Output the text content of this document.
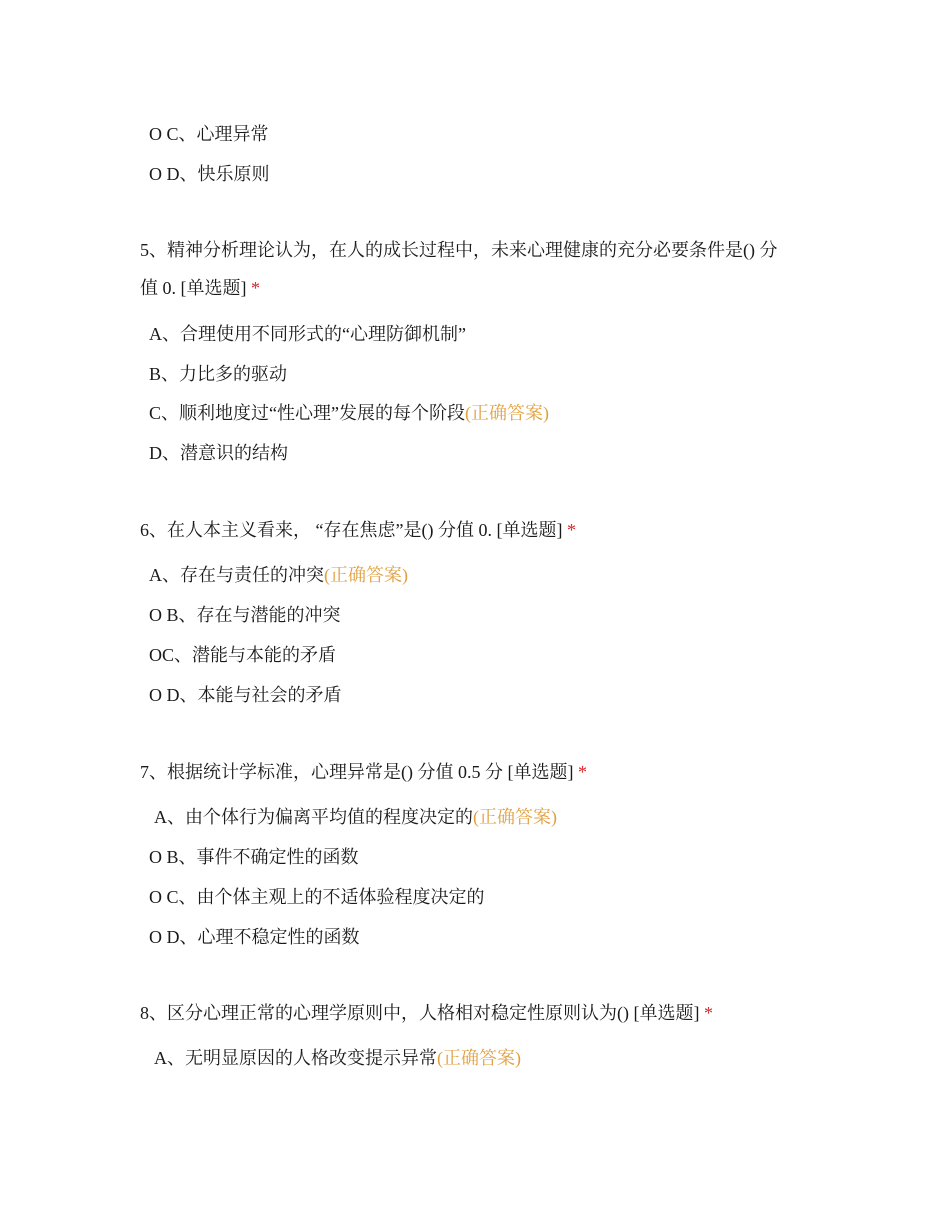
O C、心理异常
O D、快乐原则
5、精神分析理论认为，在人的成长过程中，未来心理健康的充分必要条件是() 分
值 0. [单选题] *
A、合理使用不同形式的“心理防御机制”
B、力比多的驱动
C、顺利地度过“性心理”发展的每个阶段(正确答案)
D、潜意识的结构
6、在人本主义看来， “存在焦虑”是() 分值 0. [单选题] *
A、存在与责任的冲突(正确答案)
O B、存在与潜能的冲突
OC、潜能与本能的矛盾
O D、本能与社会的矛盾
7、根据统计学标准，心理异常是() 分值 0.5 分 [单选题] *
A、由个体行为偏离平均值的程度决定的(正确答案)
O B、事件不确定性的函数
O C、由个体主观上的不适体验程度决定的
O D、心理不稳定性的函数
8、区分心理正常的心理学原则中，人格相对稳定性原则认为() [单选题] *
A、无明显原因的人格改变提示异常(正确答案)
